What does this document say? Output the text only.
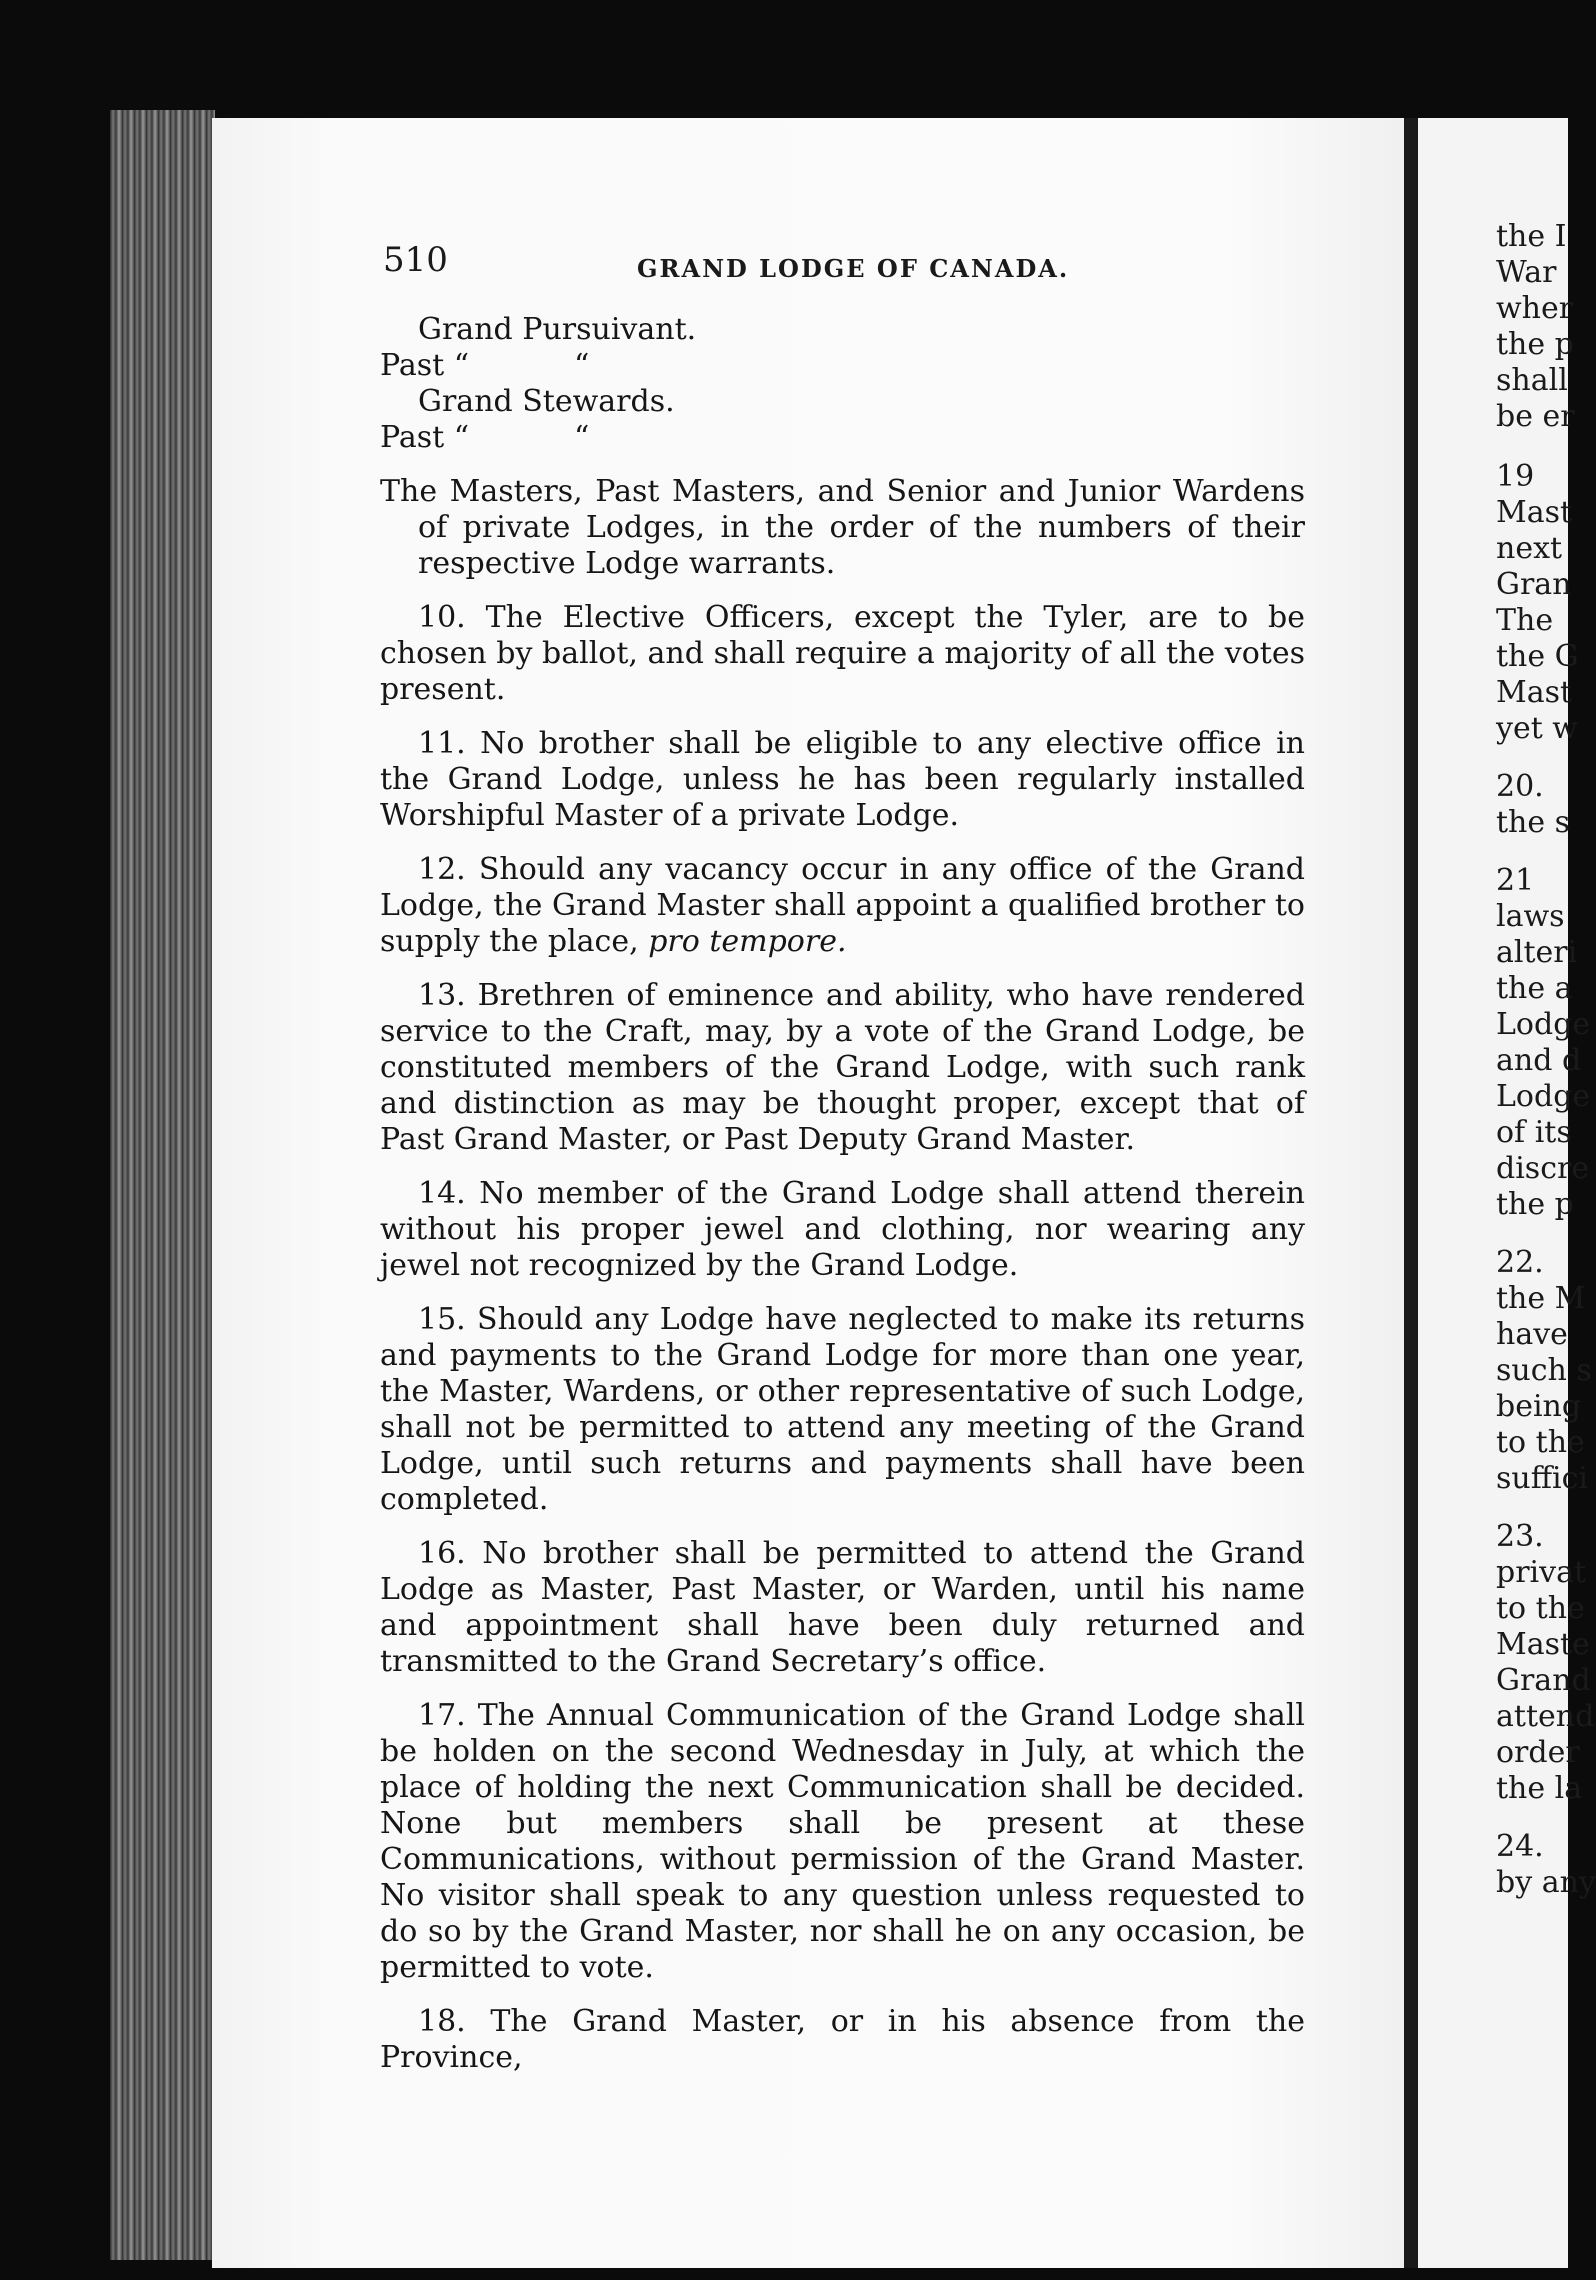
510	GRAND LODGE OF CANADA.

Grand Pursuivant.

Past “           “

Grand Stewards.

Past “           “

The Masters, Past Masters, and Senior and Junior Wardens of private Lodges, in the order of the numbers of their respective Lodge warrants.

10. The Elective Officers, except the Tyler, are to be chosen by ballot, and shall require a majority of all the votes present.

11. No brother shall be eligible to any elective office in the Grand Lodge, unless he has been regularly installed Worshipful Master of a private Lodge.

12. Should any vacancy occur in any office of the Grand Lodge, the Grand Master shall appoint a qualified brother to supply the place, pro tempore.

13. Brethren of eminence and ability, who have rendered service to the Craft, may, by a vote of the Grand Lodge, be constituted members of the Grand Lodge, with such rank and distinction as may be thought proper, except that of Past Grand Master, or Past Deputy Grand Master.

14. No member of the Grand Lodge shall attend therein without his proper jewel and clothing, nor wearing any jewel not recognized by the Grand Lodge.

15. Should any Lodge have neglected to make its returns and payments to the Grand Lodge for more than one year, the Master, Wardens, or other representative of such Lodge, shall not be permitted to attend any meeting of the Grand Lodge, until such returns and payments shall have been completed.

16. No brother shall be permitted to attend the Grand Lodge as Master, Past Master, or Warden, until his name and appointment shall have been duly returned and transmitted to the Grand Secretary’s office.

17. The Annual Communication of the Grand Lodge shall be holden on the second Wednesday in July, at which the place of holding the next Communication shall be decided. None but members shall be present at these Communications, without permission of the Grand Master. No visitor shall speak to any question unless requested to do so by the Grand Master, nor shall he on any occasion, be permitted to vote.

18. The Grand Master, or in his absence from the Province,

the I
War
wher
the p
shall
be er
19
Mast
next
Gran
The
the G
Mast
yet w
20.
the s
21
laws
alteri
the a
Lodge
and d
Lodge
of its
discre
the p
22.
the M
have
such s
being
to the
suffici
23.
privat
to the
Maste
Grand
attend
order
the la
24.
by any
